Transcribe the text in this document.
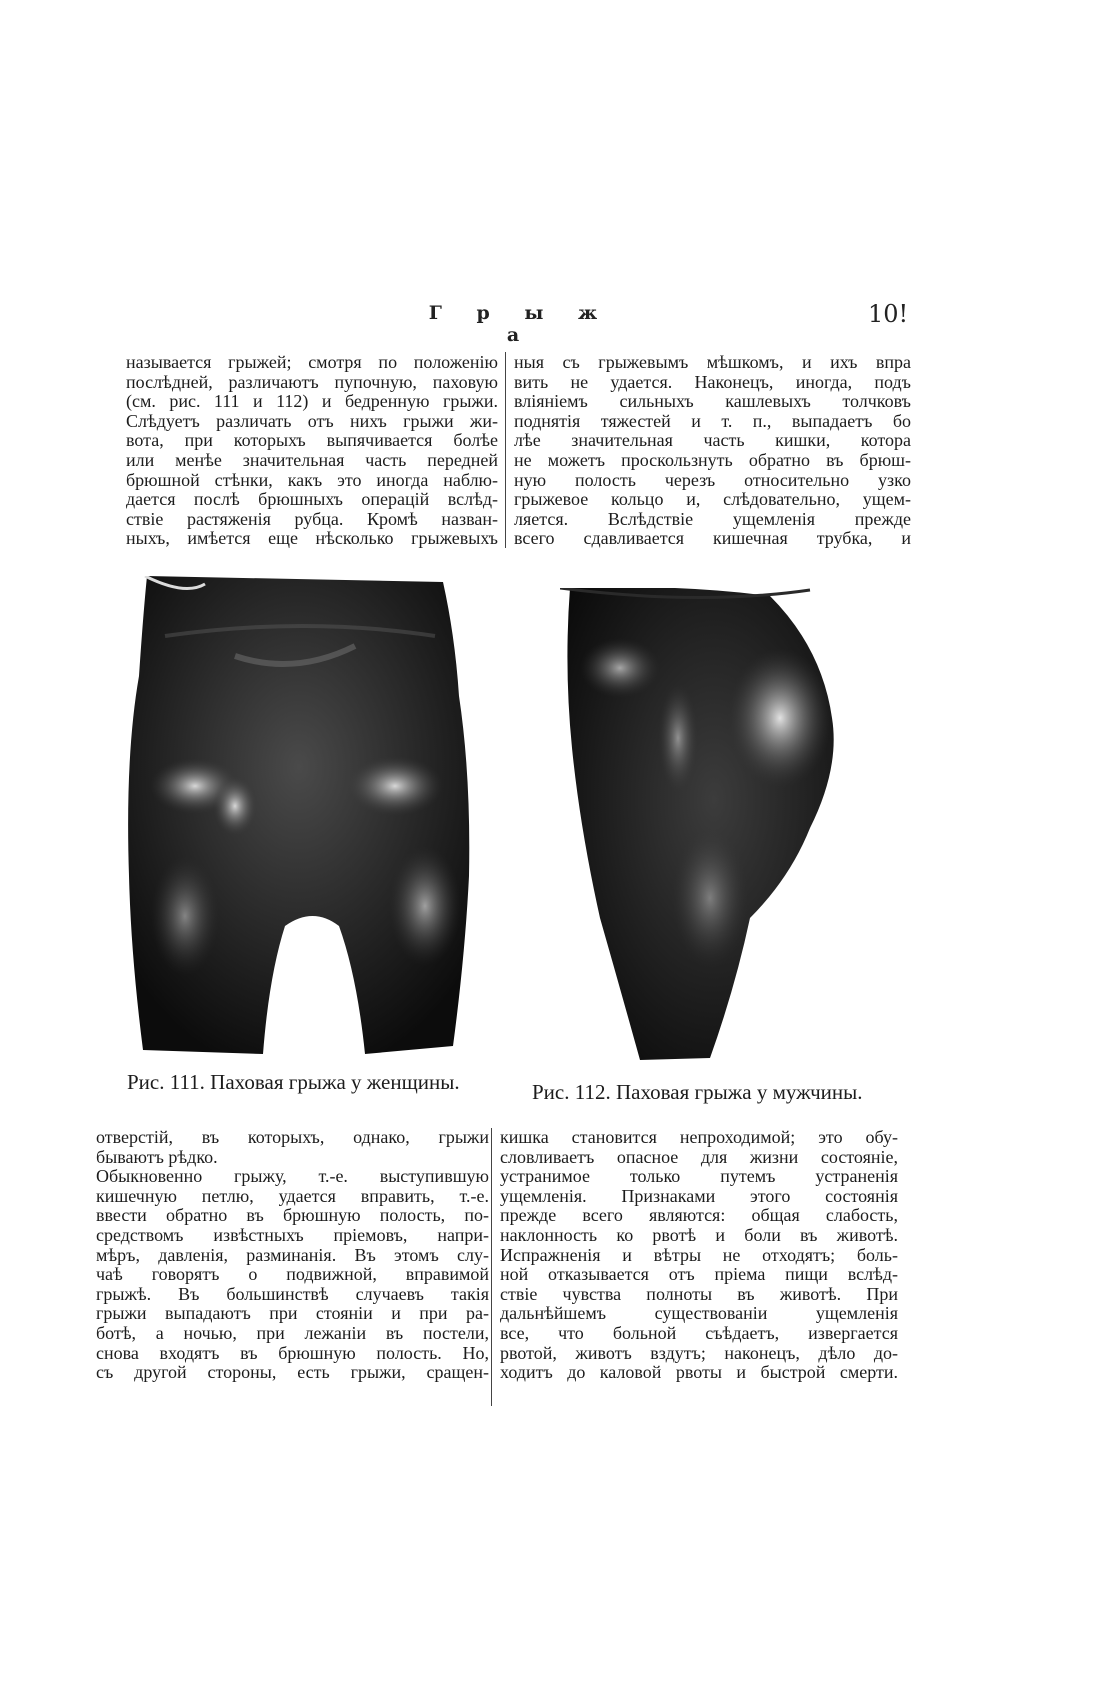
Г р ы ж а
10!
называется грыжей; смотря по положенію
послѣдней, различаютъ пупочную, паховую
(см. рис. 111 и 112) и бедренную грыжи.
Слѣдуетъ различать отъ нихъ грыжи жи-
вота, при которыхъ выпячивается болѣе
или менѣе значительная часть передней
брюшной стѣнки, какъ это иногда наблю-
дается послѣ брюшныхъ операцій вслѣд-
ствіе растяженія рубца. Кромѣ назван-
ныхъ, имѣется еще нѣсколько грыжевыхъ
ныя съ грыжевымъ мѣшкомъ, и ихъ впра
вить не удается. Наконецъ, иногда, подъ
вліяніемъ сильныхъ кашлевыхъ толчковъ
поднятія тяжестей и т. п., выпадаетъ бо
лѣе значительная часть кишки, котора
не можетъ проскользнуть обратно въ брюш-
ную полость черезъ относительно узко
грыжевое кольцо и, слѣдовательно, ущем-
ляется. Вслѣдствіе ущемленія прежде
всего сдавливается кишечная трубка, и
Рис. 111. Паховая грыжа у женщины.	Рис. 112. Паховая грыжа у мужчины.
отверстій, въ которыхъ, однако, грыжи
бываютъ рѣдко.
Обыкновенно грыжу, т.-е. выступившую
кишечную петлю, удается вправить, т.-е.
ввести обратно въ брюшную полость, по-
средствомъ извѣстныхъ пріемовъ, напри-
мѣръ, давленія, разминанія. Въ этомъ слу-
чаѣ говорятъ о подвижной, вправимой
грыжѣ. Въ большинствѣ случаевъ такія
грыжи выпадаютъ при стояніи и при ра-
ботѣ, а ночью, при лежаніи въ постели,
снова входятъ въ брюшную полость. Но,
съ другой стороны, есть грыжи, сращен-
кишка становится непроходимой; это обу-
словливаетъ опасное для жизни состояніе,
устранимое только путемъ устраненія
ущемленія. Признаками этого состоянія
прежде всего являются: общая слабость,
наклонность ко рвотѣ и боли въ животѣ.
Испражненія и вѣтры не отходятъ; боль-
ной отказывается отъ пріема пищи вслѣд-
ствіе чувства полноты въ животѣ. При
дальнѣйшемъ существованіи ущемленія
все, что больной съѣдаетъ, извергается
рвотой, животъ вздутъ; наконецъ, дѣло до-
ходитъ до каловой рвоты и быстрой смерти.
